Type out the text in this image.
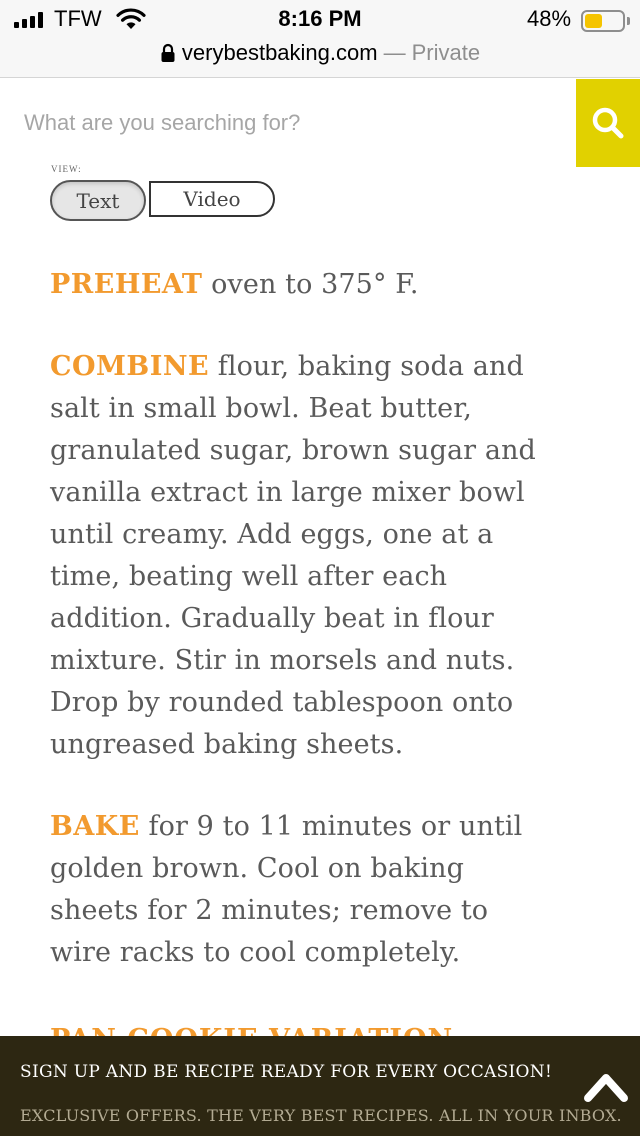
TFW	8:16 PM	48%
verybestbaking.com — Private
What are you searching for?
VIEW:
Text	Video

PREHEAT oven to 375° F.

COMBINE flour, baking soda and salt in small bowl. Beat butter, granulated sugar, brown sugar and vanilla extract in large mixer bowl until creamy. Add eggs, one at a time, beating well after each addition. Gradually beat in flour mixture. Stir in morsels and nuts. Drop by rounded tablespoon onto ungreased baking sheets.

BAKE for 9 to 11 minutes or until golden brown. Cool on baking sheets for 2 minutes; remove to wire racks to cool completely.

SIGN UP AND BE RECIPE READY FOR EVERY OCCASION!
EXCLUSIVE OFFERS. THE VERY BEST RECIPES. ALL IN YOUR INBOX.
